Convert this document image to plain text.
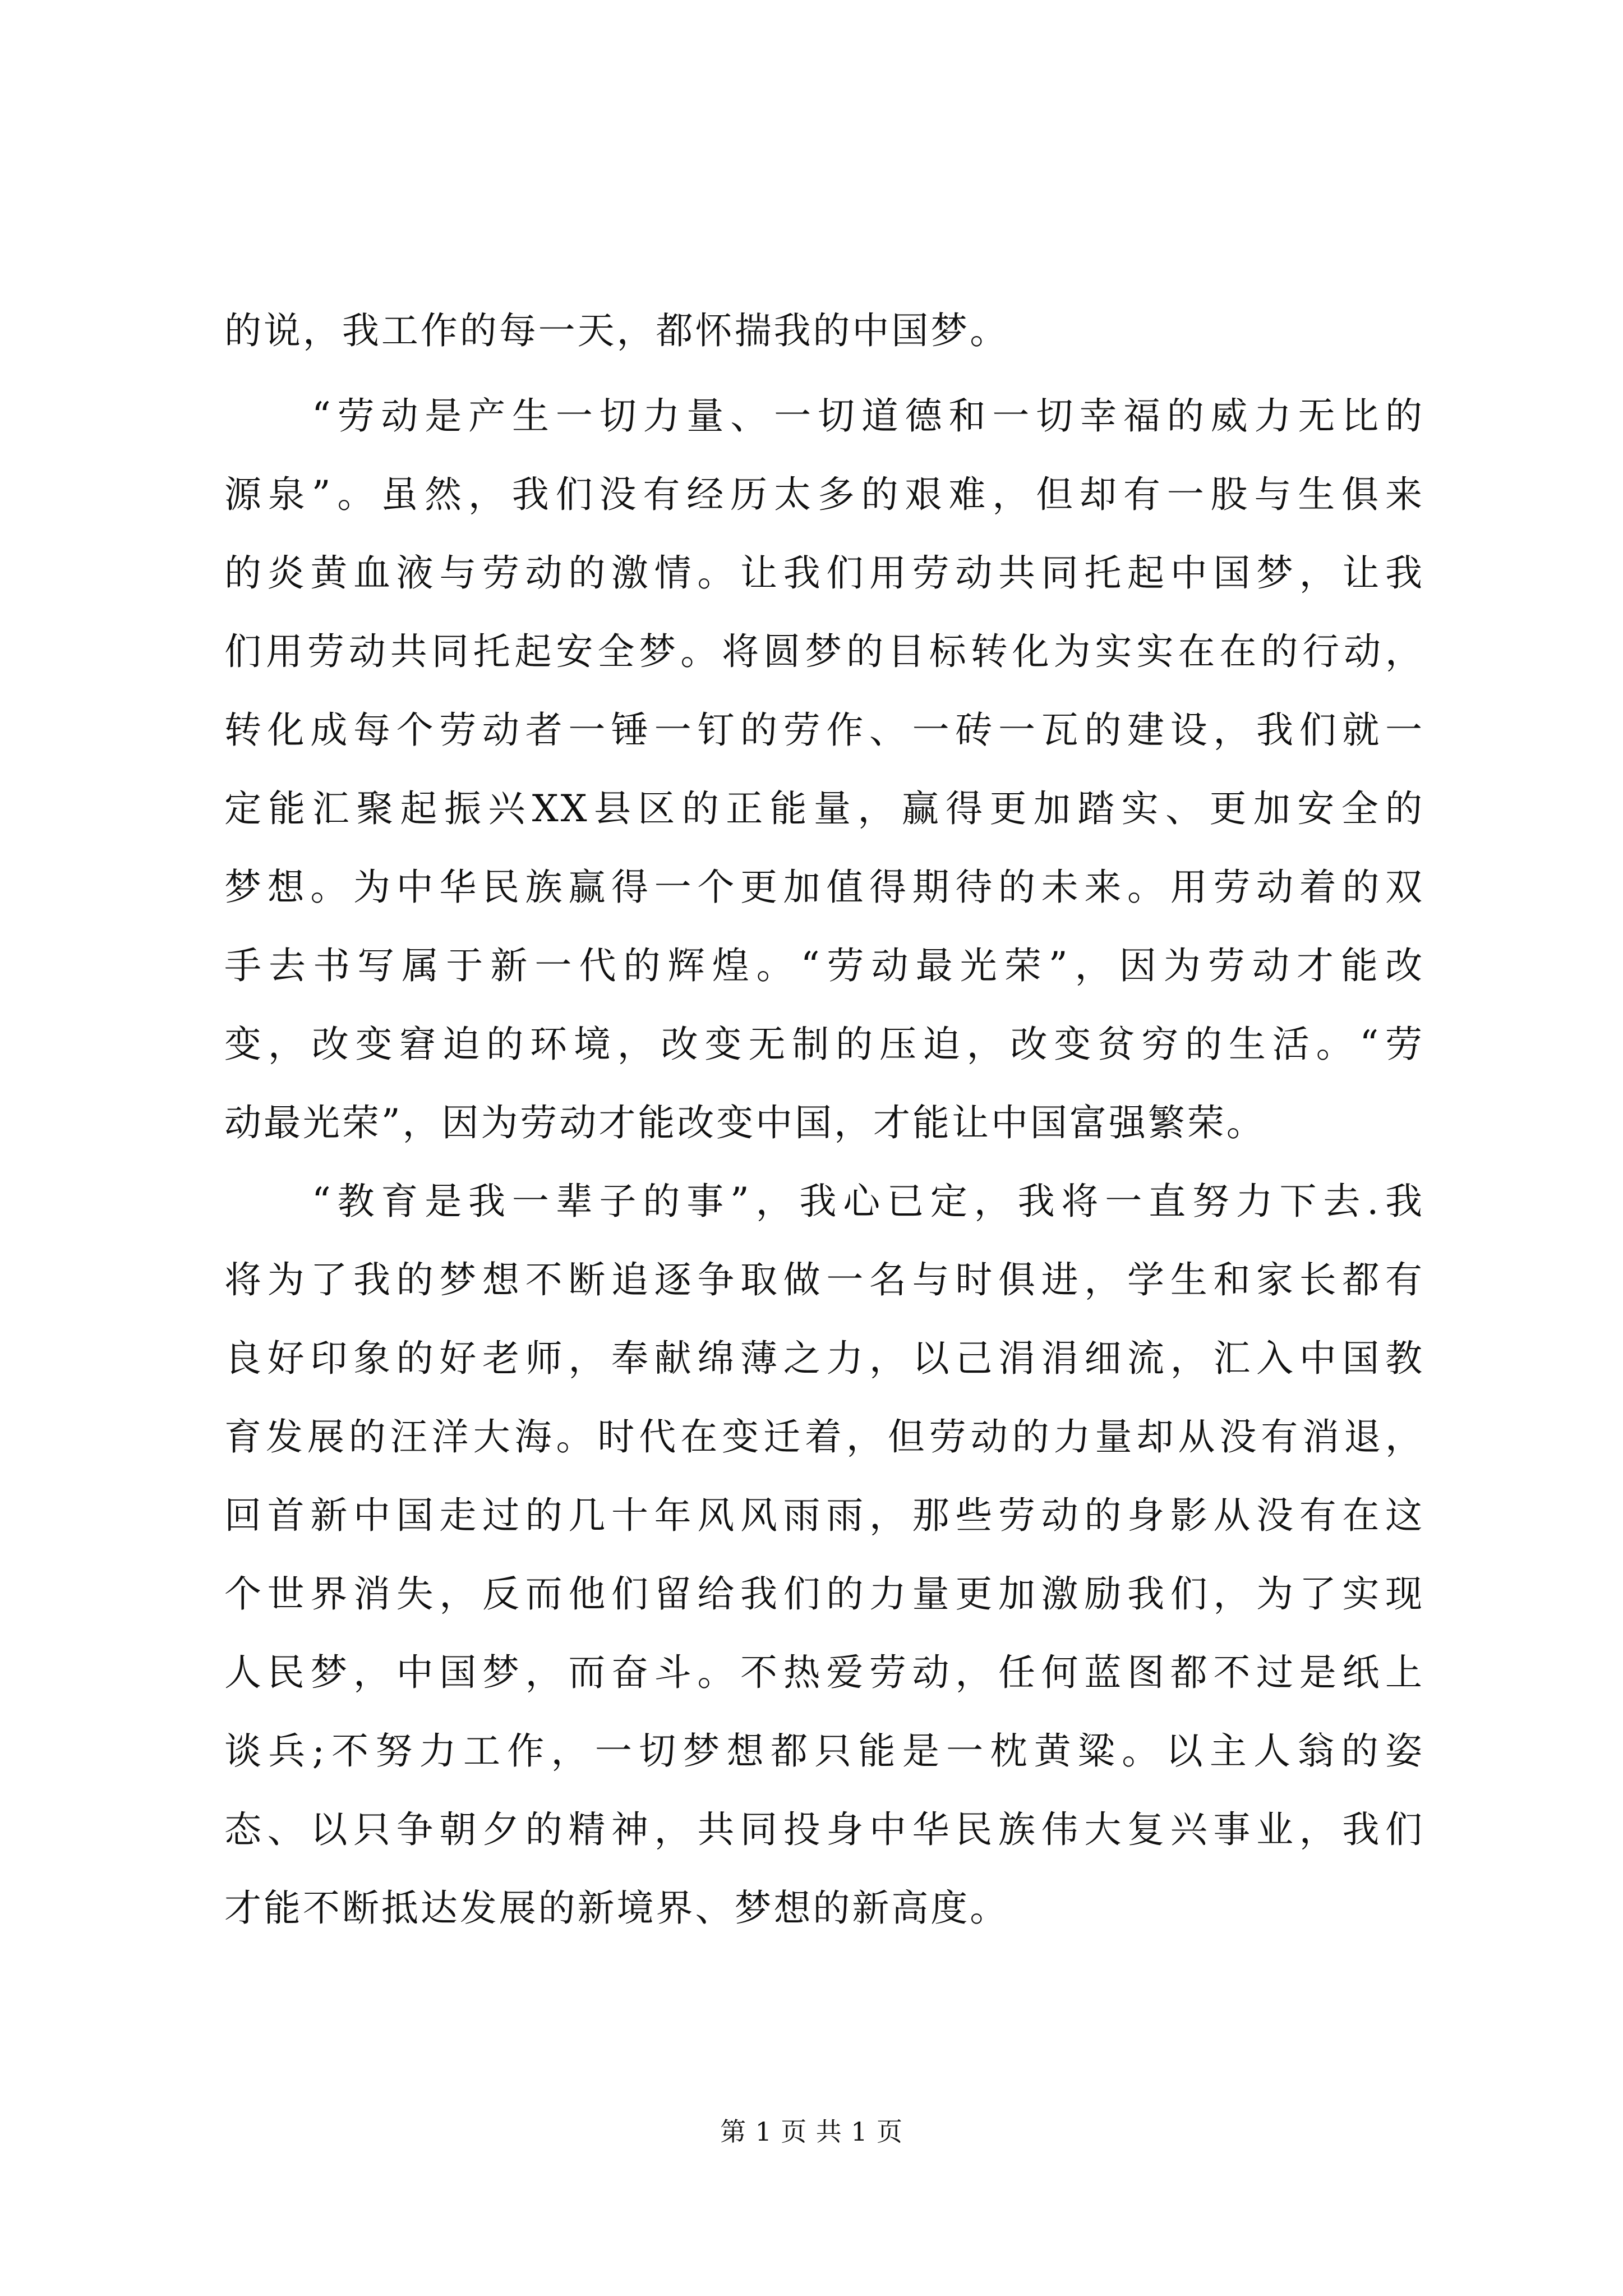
的说，我工作的每一天，都怀揣我的中国梦。
“劳动是产生一切力量、一切道德和一切幸福的威力无比的
源泉”。虽然，我们没有经历太多的艰难，但却有一股与生俱来
的炎黄血液与劳动的激情。让我们用劳动共同托起中国梦，让我
们用劳动共同托起安全梦。将圆梦的目标转化为实实在在的行动，
转化成每个劳动者一锤一钉的劳作、一砖一瓦的建设，我们就一
定能汇聚起振兴XX县区的正能量，赢得更加踏实、更加安全的
梦想。为中华民族赢得一个更加值得期待的未来。用劳动着的双
手去书写属于新一代的辉煌。“劳动最光荣”，因为劳动才能改
变，改变窘迫的环境，改变无制的压迫，改变贫穷的生活。“劳
动最光荣”，因为劳动才能改变中国，才能让中国富强繁荣。
“教育是我一辈子的事”，我心已定，我将一直努力下去.我
将为了我的梦想不断追逐争取做一名与时俱进，学生和家长都有
良好印象的好老师，奉献绵薄之力，以己涓涓细流，汇入中国教
育发展的汪洋大海。时代在变迁着，但劳动的力量却从没有消退，
回首新中国走过的几十年风风雨雨，那些劳动的身影从没有在这
个世界消失，反而他们留给我们的力量更加激励我们，为了实现
人民梦，中国梦，而奋斗。不热爱劳动，任何蓝图都不过是纸上
谈兵;不努力工作，一切梦想都只能是一枕黄粱。以主人翁的姿
态、以只争朝夕的精神，共同投身中华民族伟大复兴事业，我们
才能不断抵达发展的新境界、梦想的新高度。
第 1 页 共 1 页
